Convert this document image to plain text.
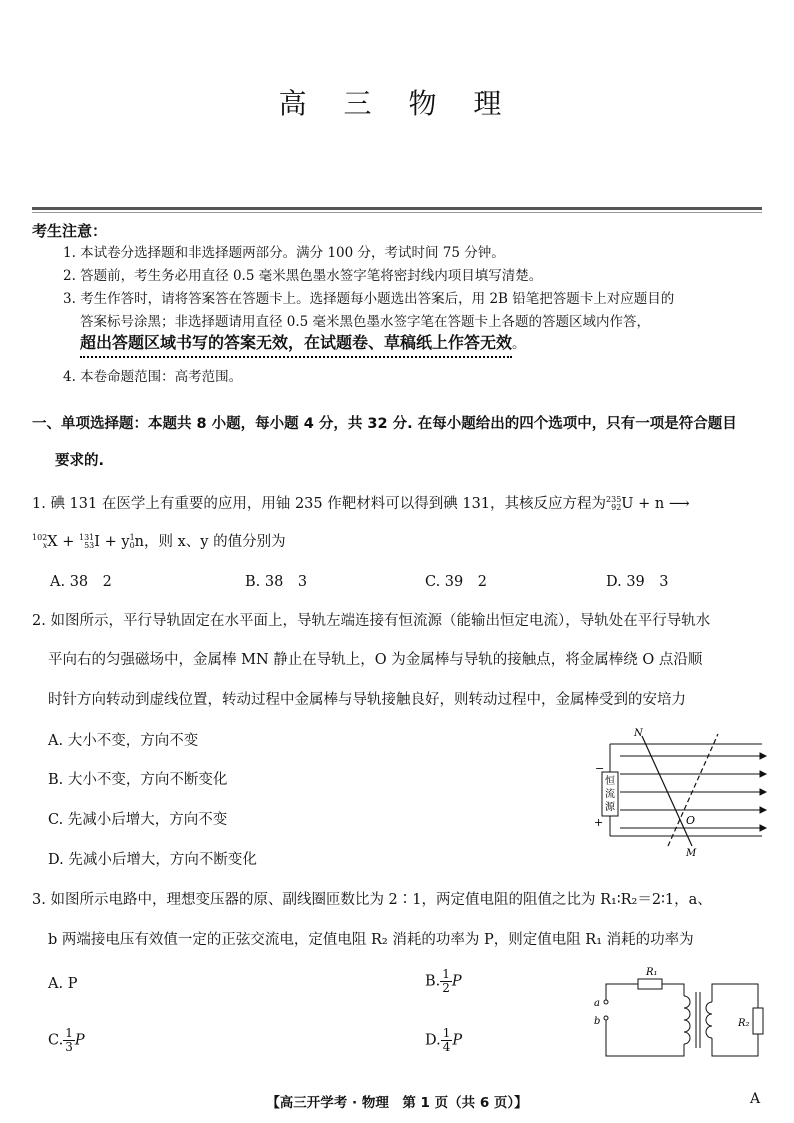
高 三 物 理
考生注意：
1. 本试卷分选择题和非选择题两部分。满分 100 分，考试时间 75 分钟。
2. 答题前，考生务必用直径 0.5 毫米黑色墨水签字笔将密封线内项目填写清楚。
3. 考生作答时，请将答案答在答题卡上。选择题每小题选出答案后，用 2B 铅笔把答题卡上对应题目的
答案标号涂黑；非选择题请用直径 0.5 毫米黑色墨水签字笔在答题卡上各题的答题区域内作答，
超出答题区域书写的答案无效，在试题卷、草稿纸上作答无效。
4. 本卷命题范围：高考范围。
一、单项选择题：本题共 8 小题，每小题 4 分，共 32 分. 在每小题给出的四个选项中，只有一项是符合题目
要求的.
1. 碘 131 在医学上有重要的应用，用铀 235 作靶材料可以得到碘 131，其核反应方程为 235
92 U + n ⟶
102
x X + 131
53 I + y 1
0 n，则 x、y 的值分别为
A. 38　2	B. 38　3	C. 39　2	D. 39　3
2. 如图所示，平行导轨固定在水平面上，导轨左端连接有恒流源（能输出恒定电流），导轨处在平行导轨水
平向右的匀强磁场中，金属棒 MN 静止在导轨上，O 为金属棒与导轨的接触点，将金属棒绕 O 点沿顺
时针方向转动到虚线位置，转动过程中金属棒与导轨接触良好，则转动过程中，金属棒受到的安培力
A. 大小不变，方向不变
B. 大小不变，方向不断变化
C. 先减小后增大，方向不变
D. 先减小后增大，方向不断变化
恒
流
源
−
+
N
M
O
3. 如图所示电路中，理想变压器的原、副线圈匝数比为 2∶1，两定值电阻的阻值之比为 R₁∶R₂＝2∶1，a、
b 两端接电压有效值一定的正弦交流电，定值电阻 R₂ 消耗的功率为 P，则定值电阻 R₁ 消耗的功率为
A. P	B. $\frac{1}{2}$ P
C. $\frac{1}{3}$ P	D. $\frac{1}{4}$ P
R₁
a
b	R₂
【高三开学考 · 物理　第 1 页（共 6 页）】	A
